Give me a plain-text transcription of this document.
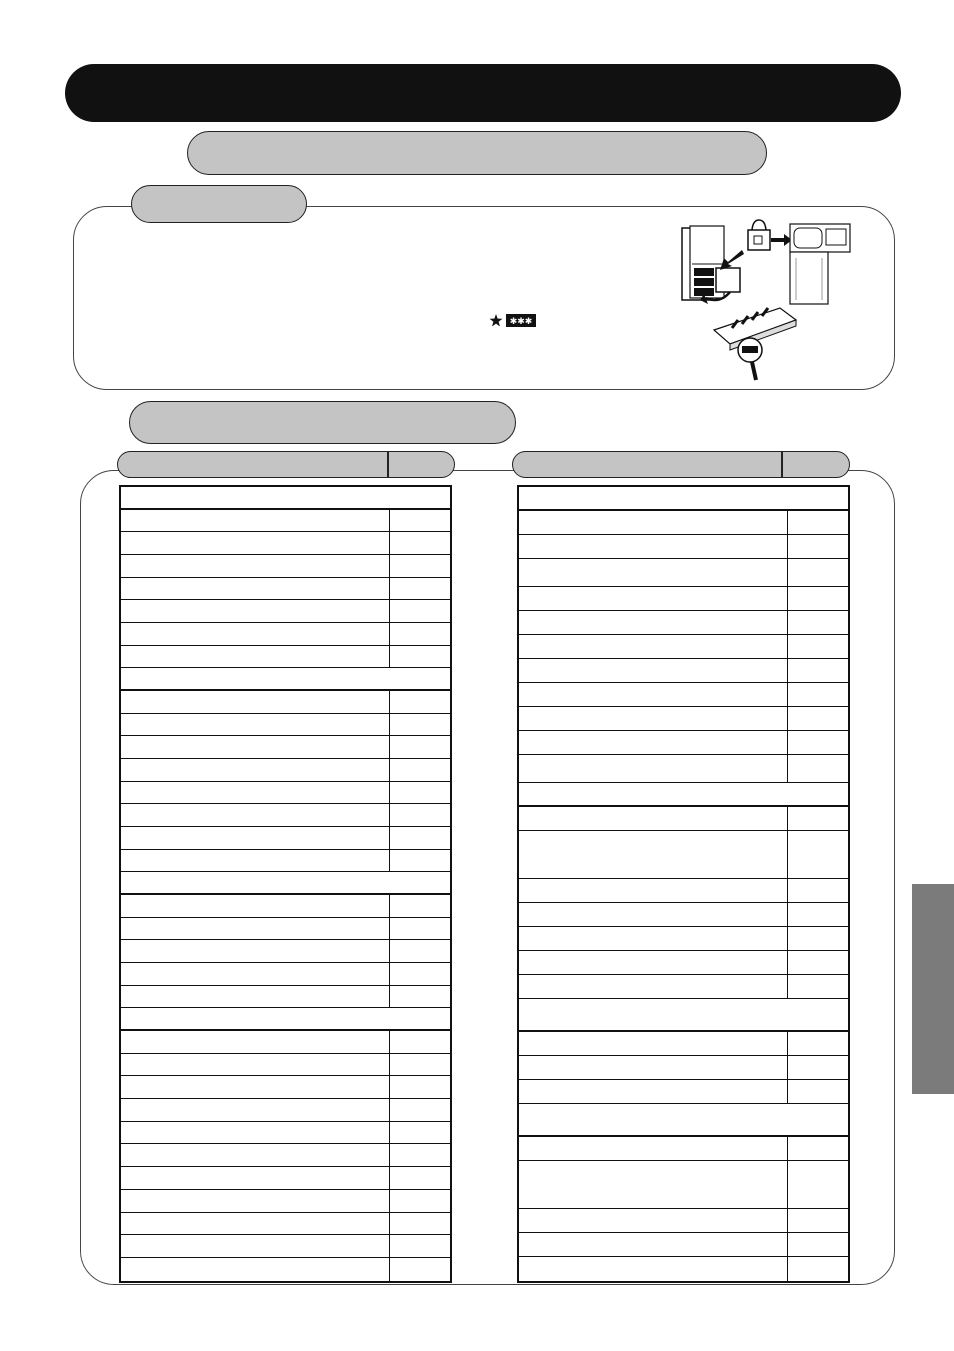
✱✱✱
